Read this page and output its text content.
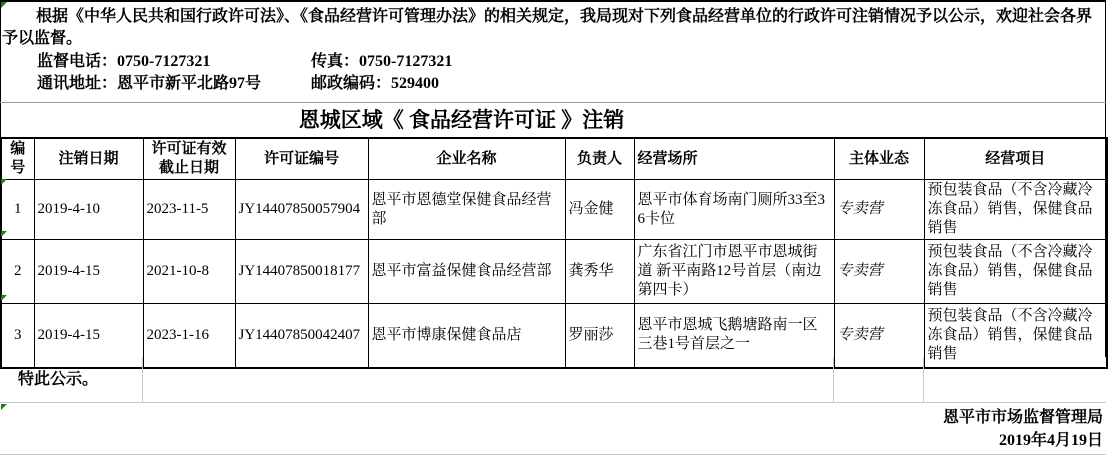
根据《中华人民共和国行政许可法》、《食品经营许可管理办法》的相关规定，我局现对下列食品经营单位的行政许可注销情况予以公示，欢迎社会各界予以监督。
监督电话：0750-7127321	传真：0750-7127321
通讯地址：恩平市新平北路97号	邮政编码：529400
恩城区域《 食品经营许可证 》注销
编号	注销日期	许可证有效截止日期	许可证编号	企业名称	负责人	经营场所	主体业态	经营项目
1	2019-4-10	2023-11-5	JY14407850057904	恩平市恩德堂保健食品经营部	冯金健	恩平市体育场南门厕所33至36卡位	专卖营	预包装食品（不含冷藏冷冻食品）销售，保健食品销售
2	2019-4-15	2021-10-8	JY14407850018177	恩平市富益保健食品经营部	龚秀华	广东省江门市恩平市恩城街道 新平南路12号首层（南边第四卡）	专卖营	预包装食品（不含冷藏冷冻食品）销售，保健食品销售
3	2019-4-15	2023-1-16	JY14407850042407	恩平市博康保健食品店	罗丽莎	恩平市恩城飞鹅塘路南一区三巷1号首层之一	专卖营	预包装食品（不含冷藏冷冻食品）销售，保健食品销售
特此公示。
恩平市市场监督管理局
2019年4月19日
